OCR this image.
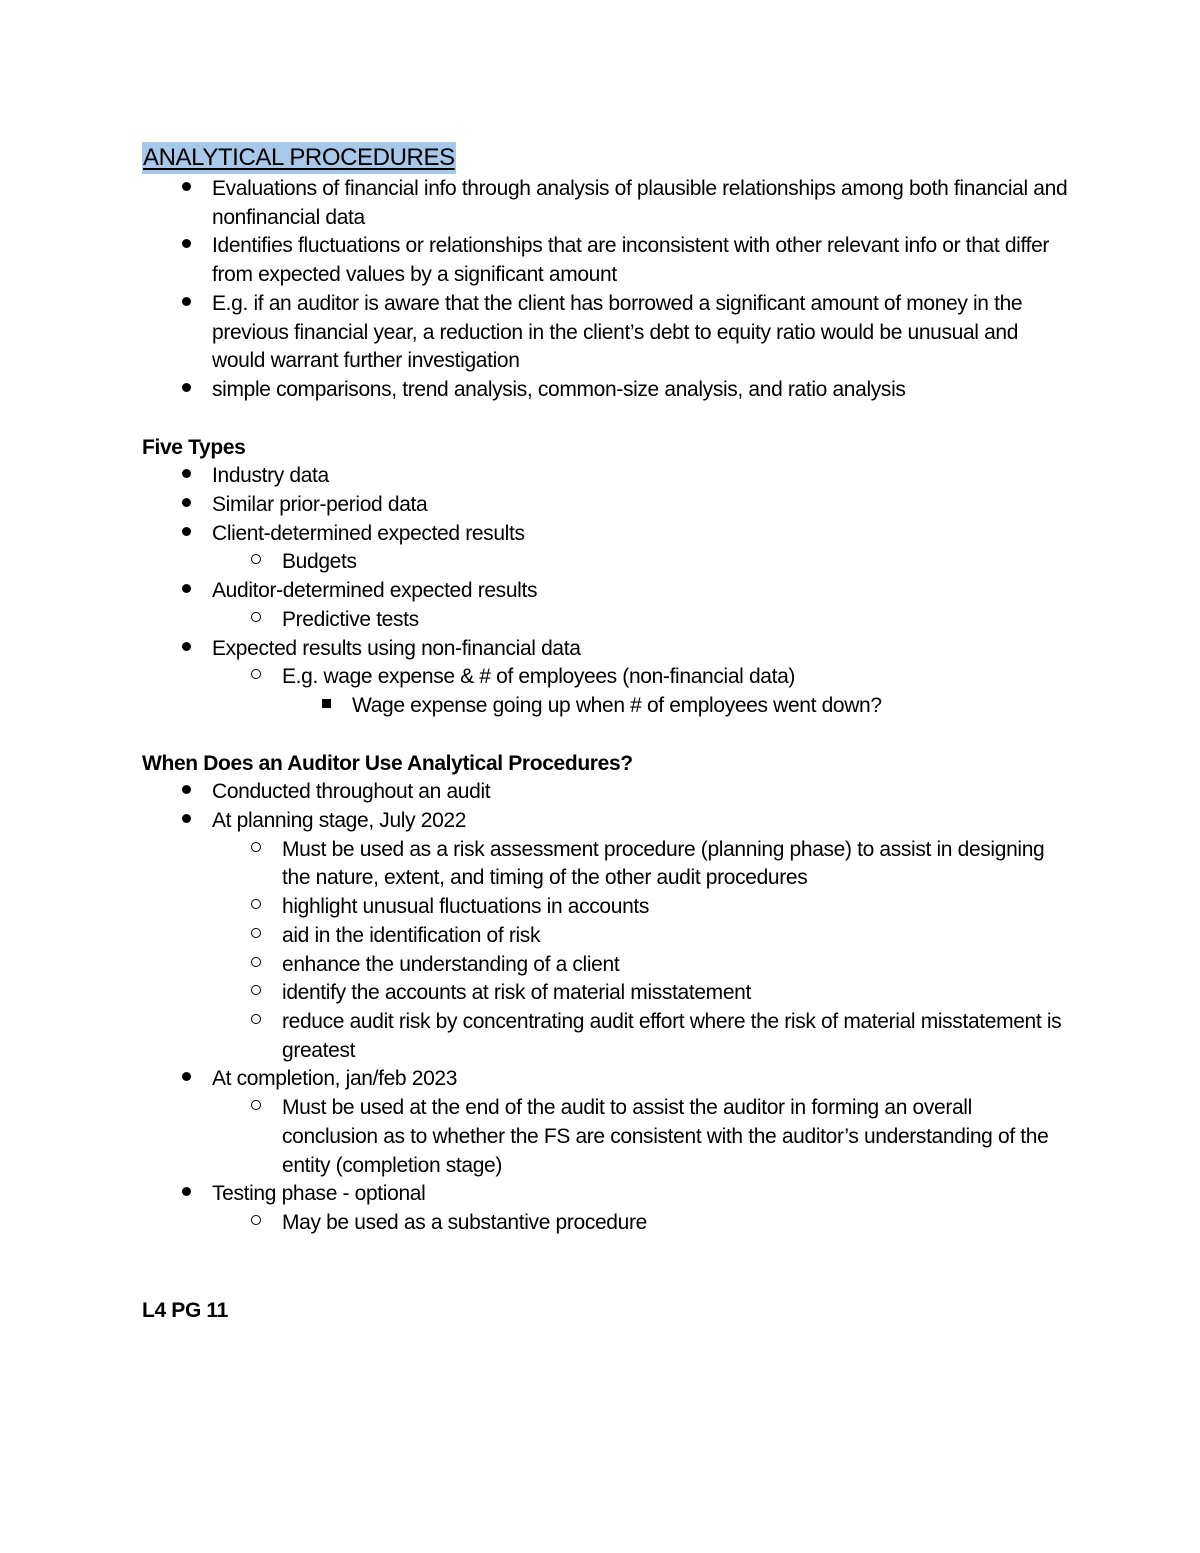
ANALYTICAL PROCEDURES
Evaluations of financial info through analysis of plausible relationships among both financial and nonfinancial data
Identifies fluctuations or relationships that are inconsistent with other relevant info or that differ from expected values by a significant amount
E.g. if an auditor is aware that the client has borrowed a significant amount of money in the previous financial year, a reduction in the client’s debt to equity ratio would be unusual and would warrant further investigation
simple comparisons, trend analysis, common-size analysis, and ratio analysis
Five Types
Industry data
Similar prior-period data
Client-determined expected results
Budgets
Auditor-determined expected results
Predictive tests
Expected results using non-financial data
E.g. wage expense & # of employees (non-financial data)
Wage expense going up when # of employees went down?
When Does an Auditor Use Analytical Procedures?
Conducted throughout an audit
At planning stage, July 2022
Must be used as a risk assessment procedure (planning phase) to assist in designing the nature, extent, and timing of the other audit procedures
highlight unusual fluctuations in accounts
aid in the identification of risk
enhance the understanding of a client
identify the accounts at risk of material misstatement
reduce audit risk by concentrating audit effort where the risk of material misstatement is greatest
At completion, jan/feb 2023
Must be used at the end of the audit to assist the auditor in forming an overall conclusion as to whether the FS are consistent with the auditor’s understanding of the entity (completion stage)
Testing phase - optional
May be used as a substantive procedure
L4 PG 11
